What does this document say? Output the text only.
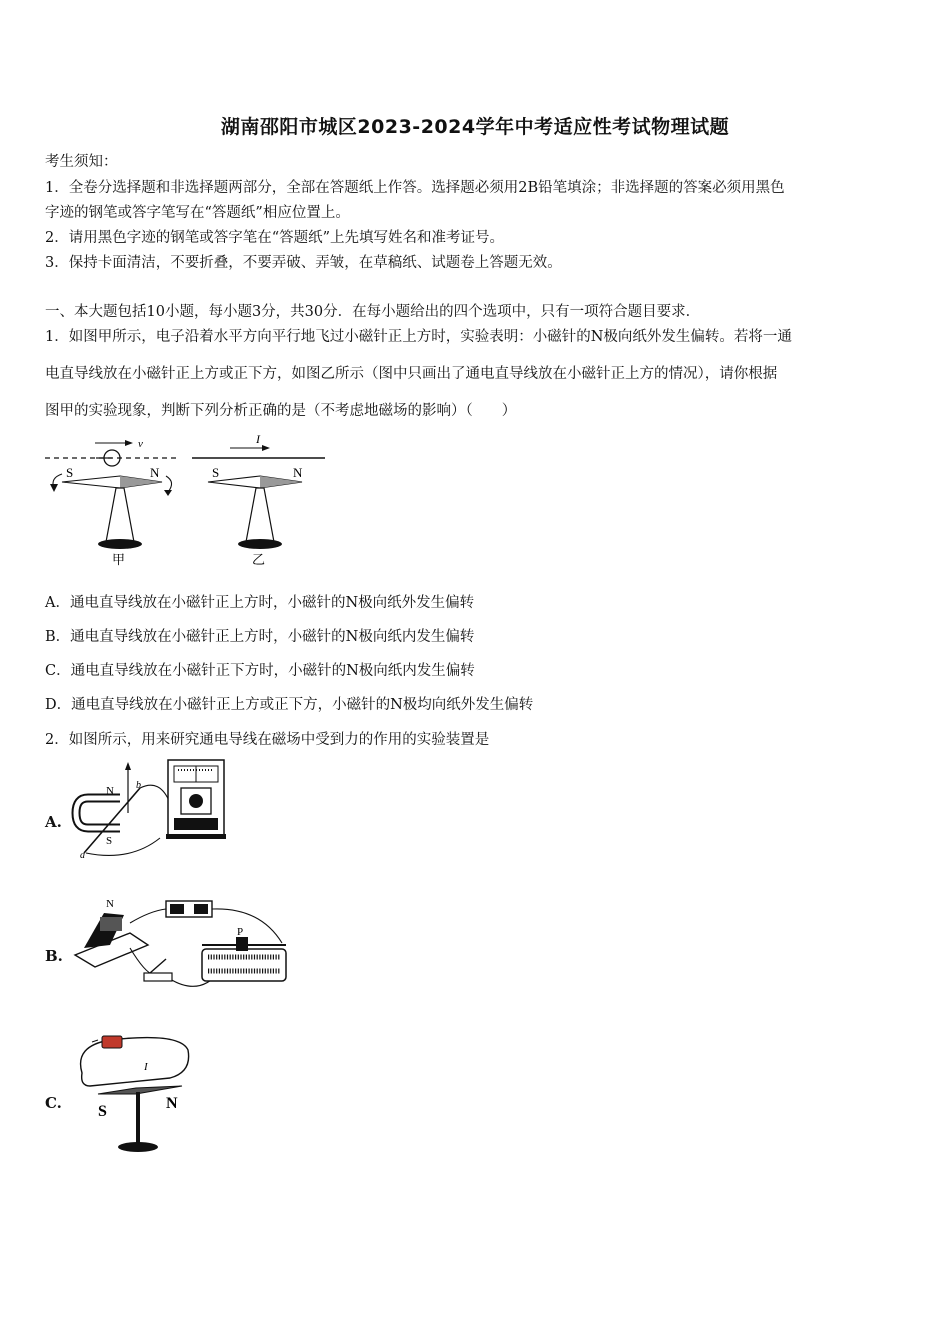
湖南邵阳市城区2023-2024学年中考适应性考试物理试题
考生须知：
1．全卷分选择题和非选择题两部分，全部在答题纸上作答。选择题必须用2B铅笔填涂；非选择题的答案必须用黑色
字迹的钢笔或答字笔写在“答题纸”相应位置上。
2．请用黑色字迹的钢笔或答字笔在“答题纸”上先填写姓名和准考证号。
3．保持卡面清洁，不要折叠，不要弄破、弄皱，在草稿纸、试题卷上答题无效。
一、本大题包括10小题，每小题3分，共30分．在每小题给出的四个选项中，只有一项符合题目要求．
1．如图甲所示，电子沿着水平方向平行地飞过小磁针正上方时，实验表明：小磁针的N极向纸外发生偏转。若将一通
电直导线放在小磁针正上方或正下方，如图乙所示（图中只画出了通电直导线放在小磁针正上方的情况），请你根据
图甲的实验现象，判断下列分析正确的是（不考虑地磁场的影响）（　　）
v
S	N
甲
I
S	N
乙
A．通电直导线放在小磁针正上方时，小磁针的N极向纸外发生偏转
B．通电直导线放在小磁针正上方时，小磁针的N极向纸内发生偏转
C．通电直导线放在小磁针正下方时，小磁针的N极向纸内发生偏转
D．通电直导线放在小磁针正上方或正下方，小磁针的N极均向纸外发生偏转
2．如图所示，用来研究通电导线在磁场中受到力的作用的实验装置是
A.
N
S
a
b
B.
N
P
C.
I
S	N
